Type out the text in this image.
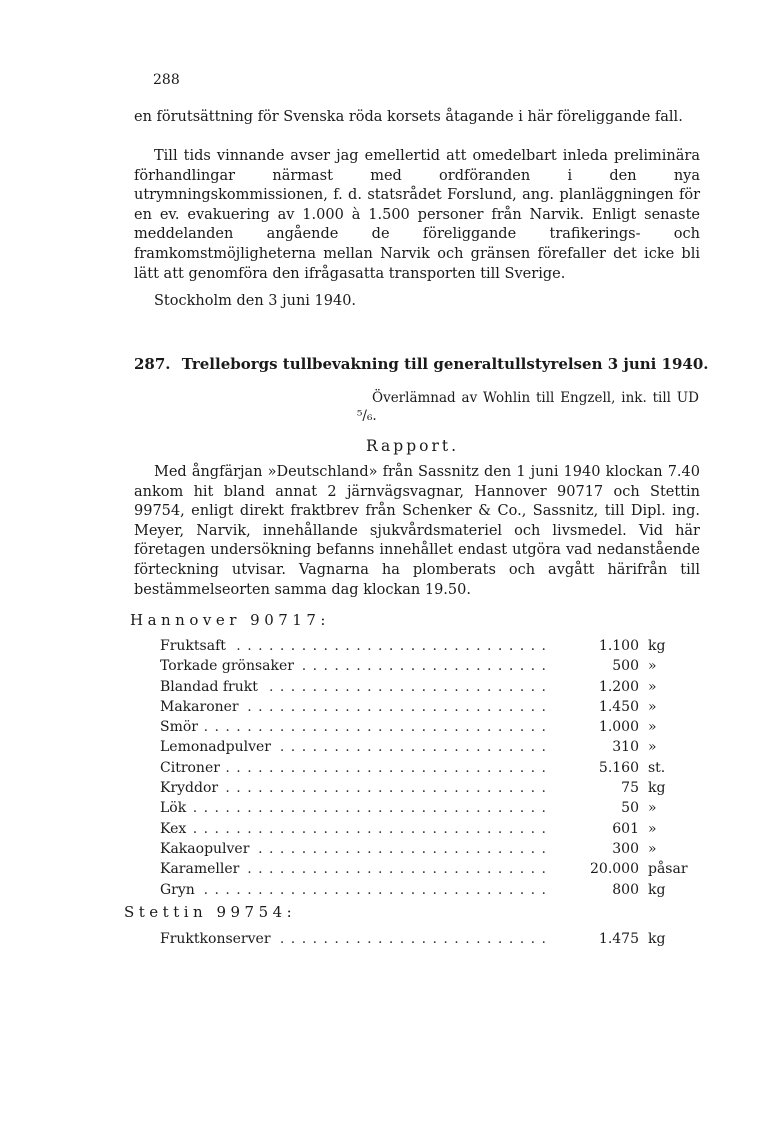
288
en förutsättning för Svenska röda korsets åtagande i här föreliggande fall.
Till tids vinnande avser jag emellertid att omedelbart inleda preliminära förhandlingar närmast med ordföranden i den nya utrymningskommissionen, f. d. statsrådet Forslund, ang. planläggningen för en ev. evakuering av 1.000 à 1.500 personer från Narvik. Enligt senaste meddelanden angående de föreliggande trafikerings- och framkomstmöjligheterna mellan Narvik och gränsen förefaller det icke bli lätt att genomföra den ifrågasatta transporten till Sverige.
Stockholm den 3 juni 1940.
287. Trelleborgs tullbevakning till generaltullstyrelsen 3 juni 1940.
Överlämnad av Wohlin till Engzell, ink. till UD ⁵/₆.
Rapport.
Med ångfärjan »Deutschland» från Sassnitz den 1 juni 1940 klockan 7.40 ankom hit bland annat 2 järnvägsvagnar, Hannover 90717 och Stettin 99754, enligt direkt fraktbrev från Schenker & Co., Sassnitz, till Dipl. ing. Meyer, Narvik, innehållande sjukvårdsmateriel och livsmedel. Vid här företagen undersökning befanns innehållet endast utgöra vad nedanstående förteckning utvisar. Vagnarna ha plomberats och avgått härifrån till bestämmelseorten samma dag klockan 19.50.
Hannover 90717:
Fruktsaft . . .	1.100 kg
Torkade grönsaker . . .	500 »
Blandad frukt . . .	1.200 »
Makaroner . . .	1.450 »
Smör . . .	1.000 »
Lemonadpulver . . .	310 »
Citroner . . .	5.160 st.
Kryddor . . .	75 kg
Lök . . .	50 »
Kex . . .	601 »
Kakaopulver . . .	300 »
Karameller . . .	20.000 påsar
Gryn . . .	800 kg
Stettin 99754:
Fruktkonserver . . .	1.475 kg
